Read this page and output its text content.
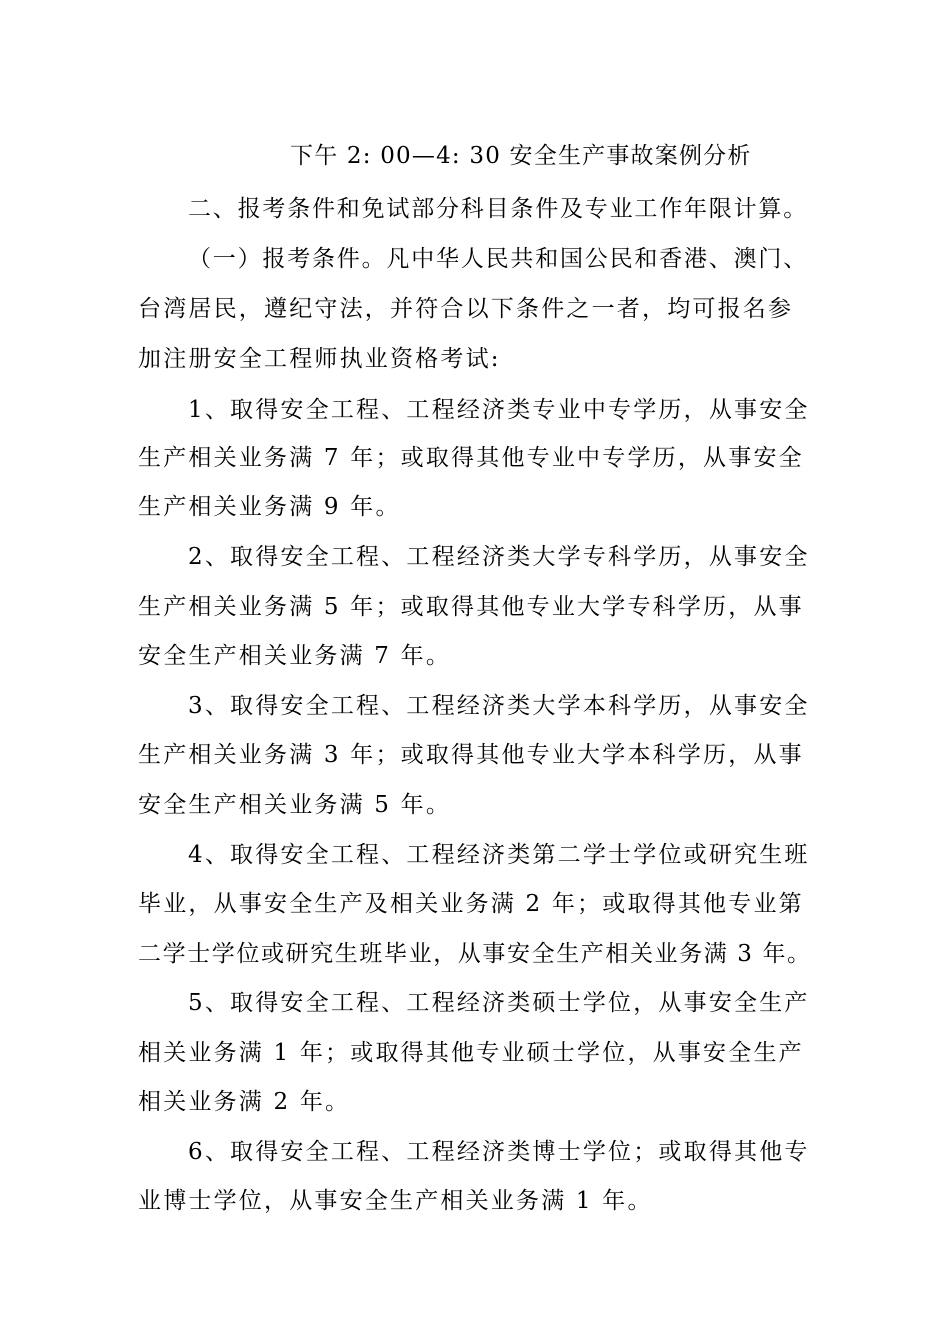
下午 2: 00—4: 30 安全生产事故案例分析
二、报考条件和免试部分科目条件及专业工作年限计算。
（一）报考条件。凡中华人民共和国公民和香港、澳门、
台湾居民，遵纪守法，并符合以下条件之一者，均可报名参
加注册安全工程师执业资格考试:
1、取得安全工程、工程经济类专业中专学历，从事安全
生产相关业务满 7 年；或取得其他专业中专学历，从事安全
生产相关业务满 9 年。
2、取得安全工程、工程经济类大学专科学历，从事安全
生产相关业务满 5 年；或取得其他专业大学专科学历，从事
安全生产相关业务满 7 年。
3、取得安全工程、工程经济类大学本科学历，从事安全
生产相关业务满 3 年；或取得其他专业大学本科学历，从事
安全生产相关业务满 5 年。
4、取得安全工程、工程经济类第二学士学位或研究生班
毕业，从事安全生产及相关业务满 2 年；或取得其他专业第
二学士学位或研究生班毕业，从事安全生产相关业务满 3 年。
5、取得安全工程、工程经济类硕士学位，从事安全生产
相关业务满 1 年；或取得其他专业硕士学位，从事安全生产
相关业务满 2 年。
6、取得安全工程、工程经济类博士学位；或取得其他专
业博士学位，从事安全生产相关业务满 1 年。
